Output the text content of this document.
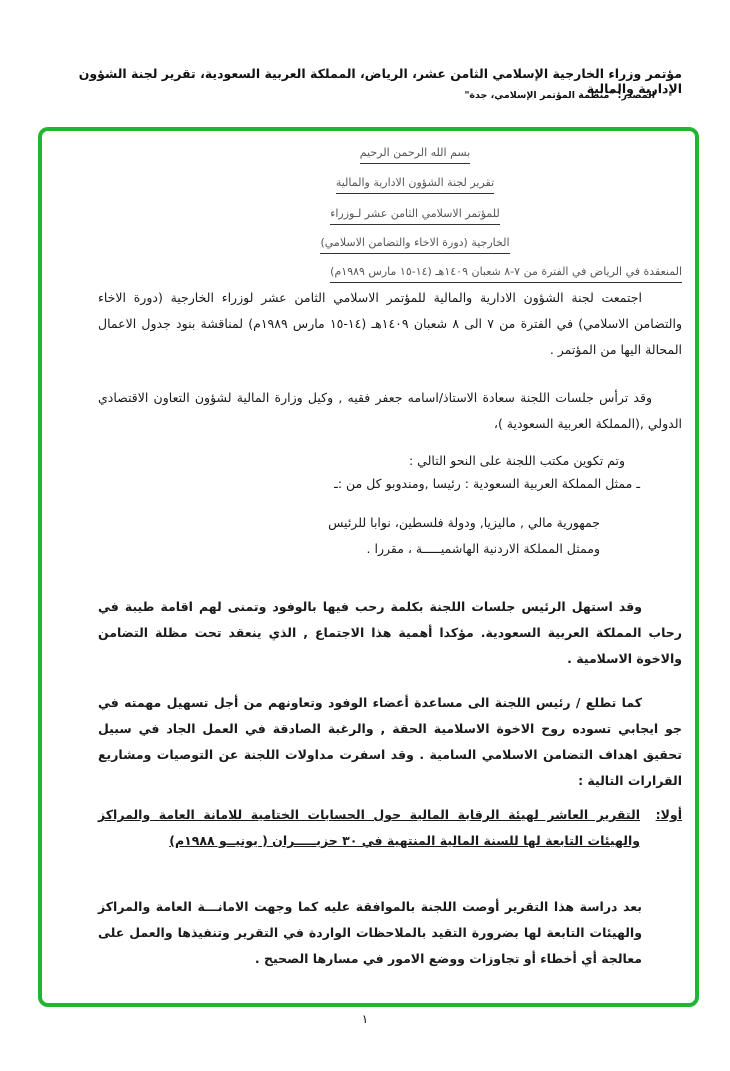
مؤتمر وزراء الخارجية الإسلامي الثامن عشر، الرياض، المملكة العربية السعودية، تقرير لجنة الشؤون الإدارية والمالية
المصدر: "منظمة المؤتمر الإسلامي، جدة"
بسم الله الرحمن الرحيم
تقرير لجنة الشؤون الادارية والمالية
للمؤتمر الاسلامي الثامن عشر لـوزراء
الخارجية (دورة الاخاء والتضامن الاسلامي)
المنعقدة في الرياض في الفترة من ٧-٨ شعبان ١٤٠٩هـ (١٤-١٥ مارس ١٩٨٩م)
اجتمعت لجنة الشؤون الادارية والمالية للمؤتمر الاسلامي الثامن عشر لوزراء الخارجية (دورة الاخاء والتضامن الاسلامي) في الفترة من ٧ الى ٨ شعبان ١٤٠٩هـ (١٤-١٥ مارس ١٩٨٩م) لمناقشة بنود جدول الاعمال المحالة اليها من المؤتمر .
وقد ترأس جلسات اللجنة سعادة الاستاذ/اسامه جعفر فقيه , وكيل وزارة المالية لشؤون التعاون الاقتصادي الدولي ,(المملكة العربية السعودية )،
وتم تكوين مكتب اللجنة على النحو التالي :
ـ ممثل المملكة العربية السعودية : رئيسا ,ومندوبو كل من :ـ
جمهورية مالي , ماليزيا, ودولة فلسطين، نوابا للرئيس
وممثل المملكة الاردنية الهاشميـــــة ، مقررا .
وقد استهل الرئيس جلسات اللجنة بكلمة رحب فيها بالوفود وتمنى لهم اقامة طيبة في رحاب المملكة العربية السعودية. مؤكدا أهمية هذا الاجتماع , الذي ينعقد تحت مظلة التضامن والاخوة الاسلامية .
كما تطلع / رئيس اللجنة الى مساعدة أعضاء الوفود وتعاونهم من أجل تسهيل مهمته في جو ايجابي تسوده روح الاخوة الاسلامية الحقة , والرغبة الصادقة في العمل الجاد في سبيل تحقيق اهداف التضامن الاسلامي السامية . وقد اسفرت مداولات اللجنة عن التوصيات ومشاريع القرارات التالية :
أولا:
التقرير العاشر لهيئة الرقابة المالية حول الحسابات الختامية للامانة العامة والمراكز والهيئات التابعة لها للسنة المالية المنتهية في ٣٠ حزيـــــران ( يونيــو ١٩٨٨م)
بعد دراسة هذا التقرير أوصت اللجنة بالموافقة عليه كما وجهت الامانـــة العامة والمراكز والهيئات التابعة لها بضرورة التقيد بالملاحظات الواردة في التقرير وتنفيذها والعمل على معالجة أي أخطاء أو تجاوزات ووضع الامور في مسارها الصحيح .
١
